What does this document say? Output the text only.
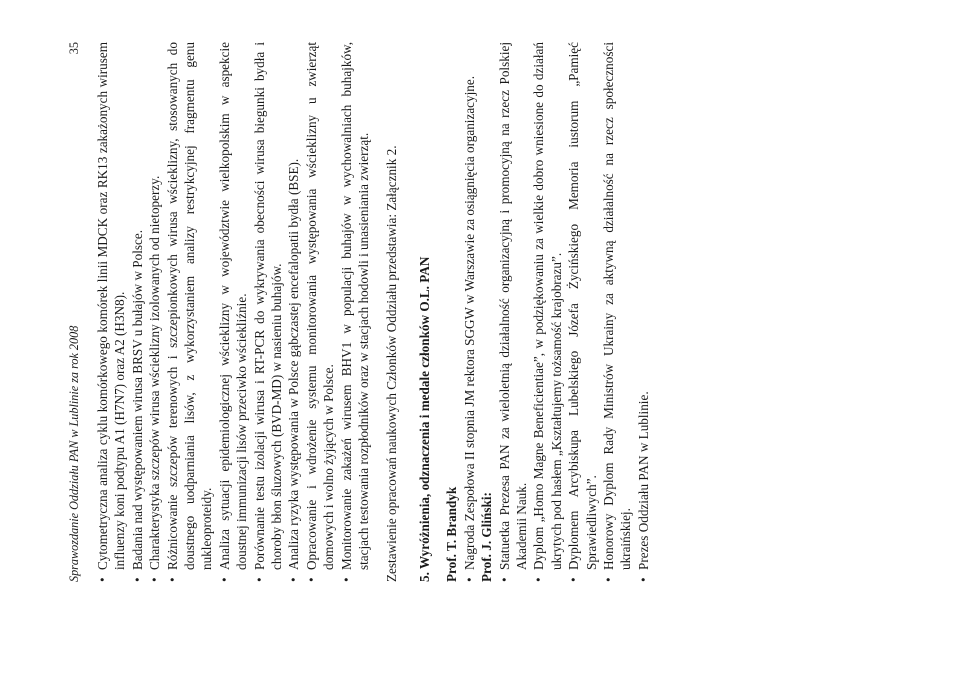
Sprawozdanie Oddziału PAN w Lublinie za rok 2008
35 • Cytometryczna analiza cyklu komórkowego komórek linii MDCK oraz RK13 zakażonych wirusem influenzy koni podtypu A1 (H7N7) oraz A2 (H3N8). • Badania nad występowaniem wirusa BRSV u bułajów w Polsce. • Charakterystyka szczepów wirusa wścieklizny izolowanych od nietoperzy. • Różnicowanie szczepów terenowych i szczepionkowych wirusa wścieklizny, stosowanych do doustnego uodparniania lisów, z wykorzystaniem analizy restrykcyjnej fragmentu genu nukleoproteidy. • Analiza sytuacji epidemiologicznej wścieklizny w województwie wielkopolskim w aspekcie doustnej immunizacji lisów przeciwko wściekliźnie. • Porównanie testu izolacji wirusa i RT-PCR do wykrywania obecności wirusa biegunki bydła i choroby błon śluzowych (BVD-MD) w nasieniu buhajów. • Analiza ryzyka występowania w Polsce gąbczastej encefalopatii bydła (BSE). • Opracowanie i wdrożenie systemu monitorowania występowania wścieklizny u zwierząt domowych i wolno żyjących w Polsce. • Monitorowanie zakażeń wirusem BHV1 w populacji buhajów w wychowalniach buhajków, stacjach testowania rozpłodników oraz w stacjach hodowli i unasieniania zwierząt. Zestawienie opracowań naukowych Członków Oddziału przedstawia: Załącznik 2. 5. Wyróżnienia, odznaczenia i medale członków O.L. PAN Prof. T. Brandyk • Nagroda Zespołowa II stopnia JM rektora SGGW w Warszawie za osiągnięcia organizacyjne. Prof. J. Gliński: • Statuetka Prezesa PAN za wieloletnią działalność organizacyjną i promocyjną na rzecz Polskiej Akademii Nauk. • Dyplom „Homo Magne Beneficientiae”, w podziękowaniu za wielkie dobro wniesione do działań ukrytych pod hasłem „Kształtujemy tożsamość krajobrazu”. • Dyplomem Arcybiskupa Lubelskiego Józefa Życińskiego Memoria iustorum „Pamięć Sprawiedliwych”. • Honorowy Dyplom Rady Ministrów Ukrainy za aktywną działalność na rzecz społeczności ukraińskiej. • Prezes Oddziału PAN w Lublinie.
